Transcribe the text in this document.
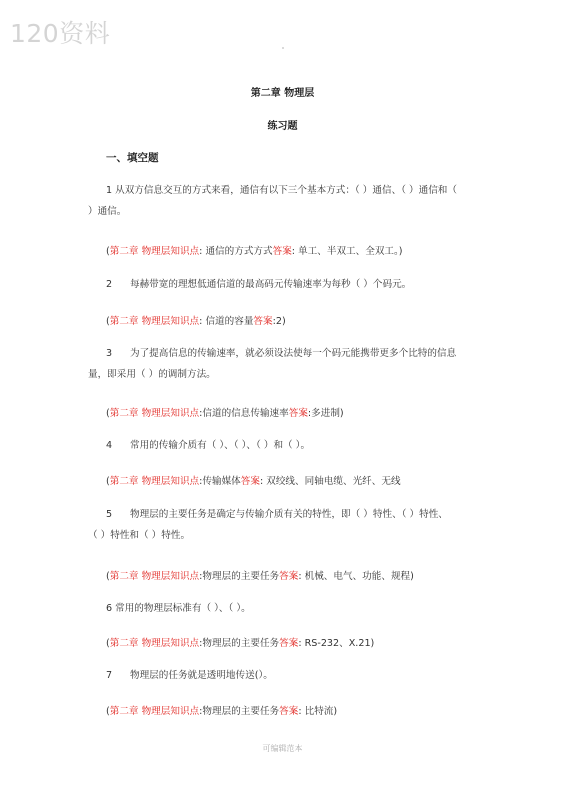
120资料
第二章 物理层
练习题
一、填空题
1 从双方信息交互的方式来看，通信有以下三个基本方式：（ ）通信、（ ）通信和（
）通信。
(第二章 物理层知识点: 通信的方式方式答案: 单工、半双工、全双工。)
2 每赫带宽的理想低通信道的最高码元传输速率为每秒（ ）个码元。
(第二章 物理层知识点: 信道的容量答案:2)
3 为了提高信息的传输速率，就必须设法使每一个码元能携带更多个比特的信息
量，即采用（ ）的调制方法。
(第二章 物理层知识点:信道的信息传输速率答案:多进制)
4 常用的传输介质有（ ）、（ ）、（ ）和（ ）。
(第二章 物理层知识点:传输媒体答案: 双绞线、同轴电缆、光纤、无线
5 物理层的主要任务是确定与传输介质有关的特性，即（ ）特性、（ ）特性、
（ ）特性和（ ）特性。
(第二章 物理层知识点:物理层的主要任务答案: 机械、电气、功能、规程)
6 常用的物理层标准有（ ）、（ ）。
(第二章 物理层知识点:物理层的主要任务答案: RS-232、X.21)
7 物理层的任务就是透明地传送(）。
(第二章 物理层知识点:物理层的主要任务答案: 比特流)
可编辑范本
